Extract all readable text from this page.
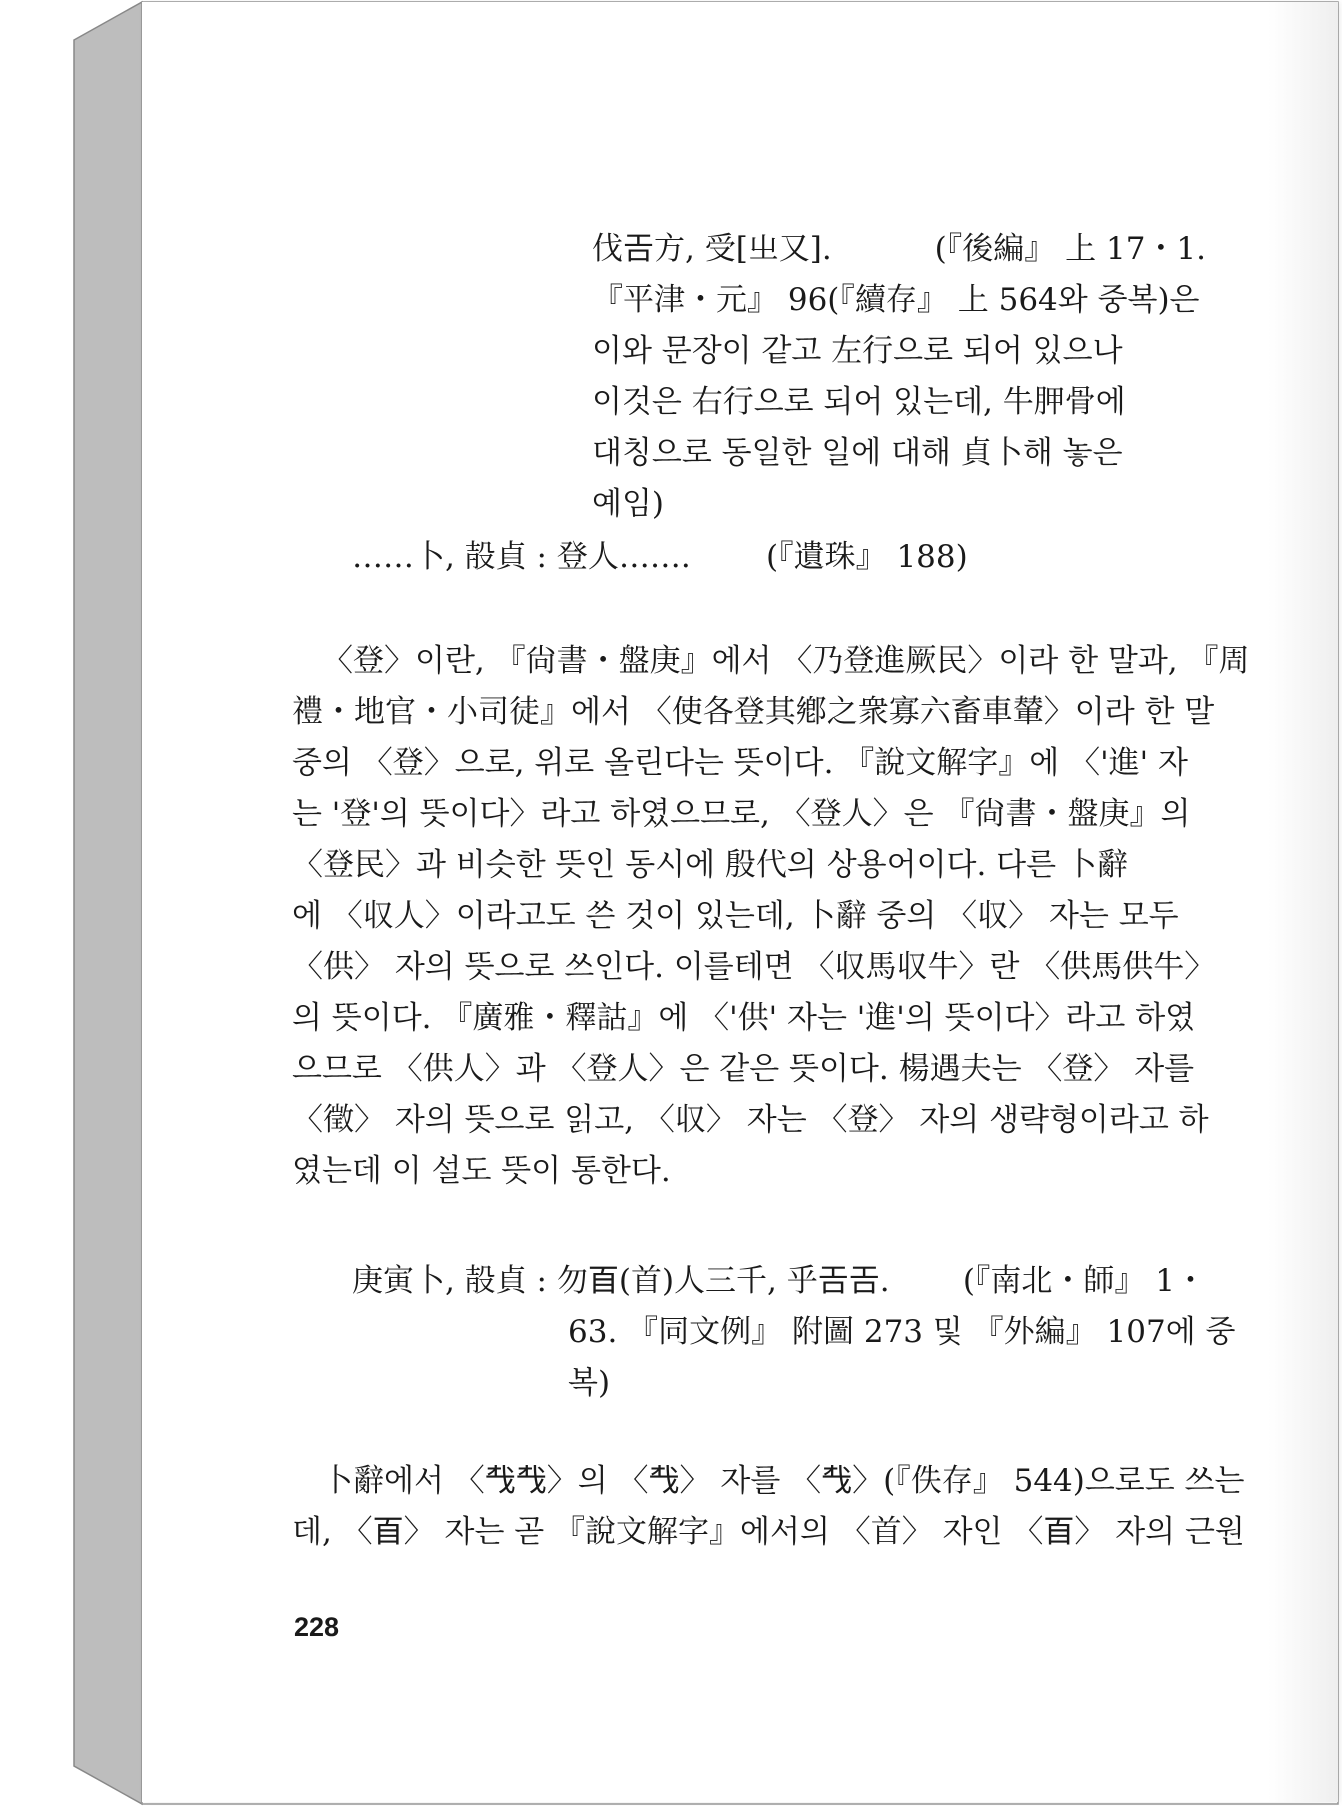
伐𢀛方, 受[㞢又].	(『後編』 上 17・1.
『平津・元』 96(『續存』 上 564와 중복)은
이와 문장이 같고 左行으로 되어 있으나
이것은 右行으로 되어 있는데, 牛胛骨에
대칭으로 동일한 일에 대해 貞卜해 놓은
예임)
……卜, 㱿貞 : 登人……. (『遺珠』 188)
〈登〉이란, 『尙書・盤庚』에서 〈乃登進厥民〉이라 한 말과, 『周
禮・地官・小司徒』에서 〈使各登其鄕之衆寡六畜車輦〉이라 한 말
중의 〈登〉으로, 위로 올린다는 뜻이다. 『說文解字』에 〈'進' 자
는 '登'의 뜻이다〉라고 하였으므로, 〈登人〉은 『尙書・盤庚』의
〈登民〉과 비슷한 뜻인 동시에 殷代의 상용어이다. 다른 卜辭
에 〈収人〉이라고도 쓴 것이 있는데, 卜辭 중의 〈収〉 자는 모두
〈供〉 자의 뜻으로 쓰인다. 이를테면 〈収馬収牛〉란 〈供馬供牛〉
의 뜻이다. 『廣雅・釋詁』에 〈'供' 자는 '進'의 뜻이다〉라고 하였
으므로 〈供人〉과 〈登人〉은 같은 뜻이다. 楊遇夫는 〈登〉 자를
〈徵〉 자의 뜻으로 읽고, 〈収〉 자는 〈登〉 자의 생략형이라고 하
였는데 이 설도 뜻이 통한다.
庚寅卜, 㱿貞 : 勿𦣻(首)人三千, 乎𢀛𢀛. (『南北・師』 1・
63. 『同文例』 附圖 273 및 『外編』 107에 중
복)
卜辭에서 〈𢦔𢦔〉의 〈𢦔〉 자를 〈𢦔〉(『佚存』 544)으로도 쓰는
데, 〈𦣻〉 자는 곧 『說文解字』에서의 〈首〉 자인 〈𦣻〉 자의 근원
228
